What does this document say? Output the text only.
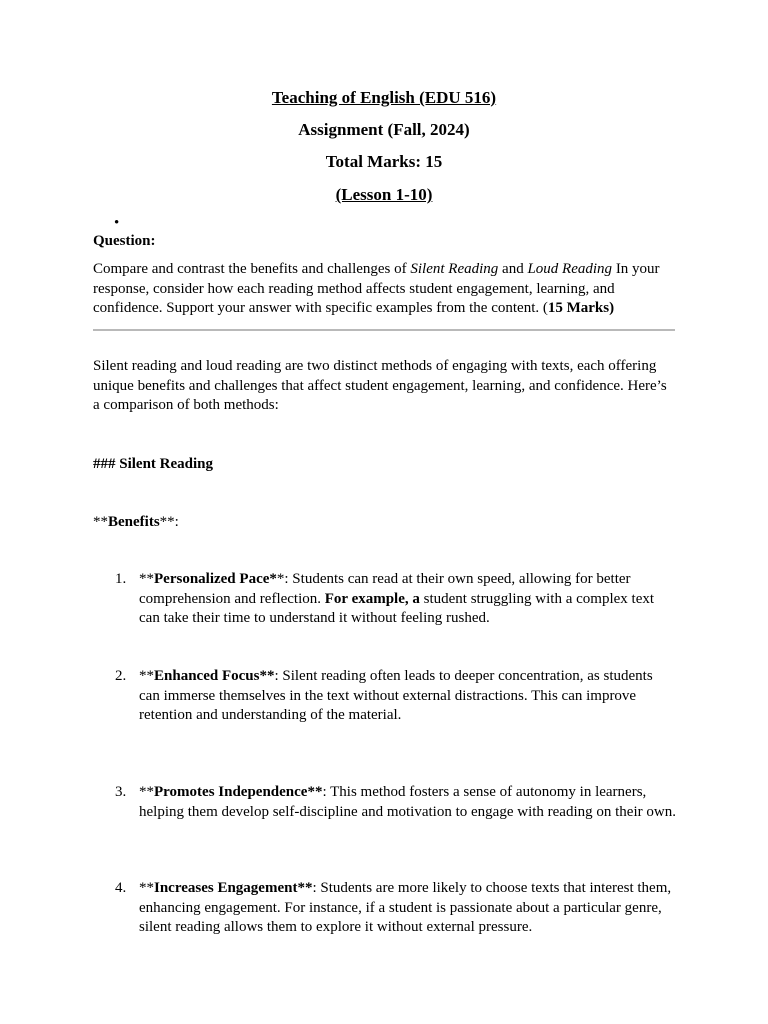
Teaching of English (EDU 516)
Assignment (Fall, 2024)
Total Marks: 15
(Lesson 1-10)
•

Question:

Compare and contrast the benefits and challenges of Silent Reading and Loud Reading In your response, consider how each reading method affects student engagement, learning, and confidence. Support your answer with specific examples from the content. (15 Marks)

Silent reading and loud reading are two distinct methods of engaging with texts, each offering unique benefits and challenges that affect student engagement, learning, and confidence. Here’s a comparison of both methods:

### Silent Reading

**Benefits**:

1. **Personalized Pace**: Students can read at their own speed, allowing for better comprehension and reflection. For example, a student struggling with a complex text can take their time to understand it without feeling rushed.

2. **Enhanced Focus**: Silent reading often leads to deeper concentration, as students can immerse themselves in the text without external distractions. This can improve retention and understanding of the material.

3. **Promotes Independence**: This method fosters a sense of autonomy in learners, helping them develop self-discipline and motivation to engage with reading on their own.

4. **Increases Engagement**: Students are more likely to choose texts that interest them, enhancing engagement. For instance, if a student is passionate about a particular genre, silent reading allows them to explore it without external pressure.
